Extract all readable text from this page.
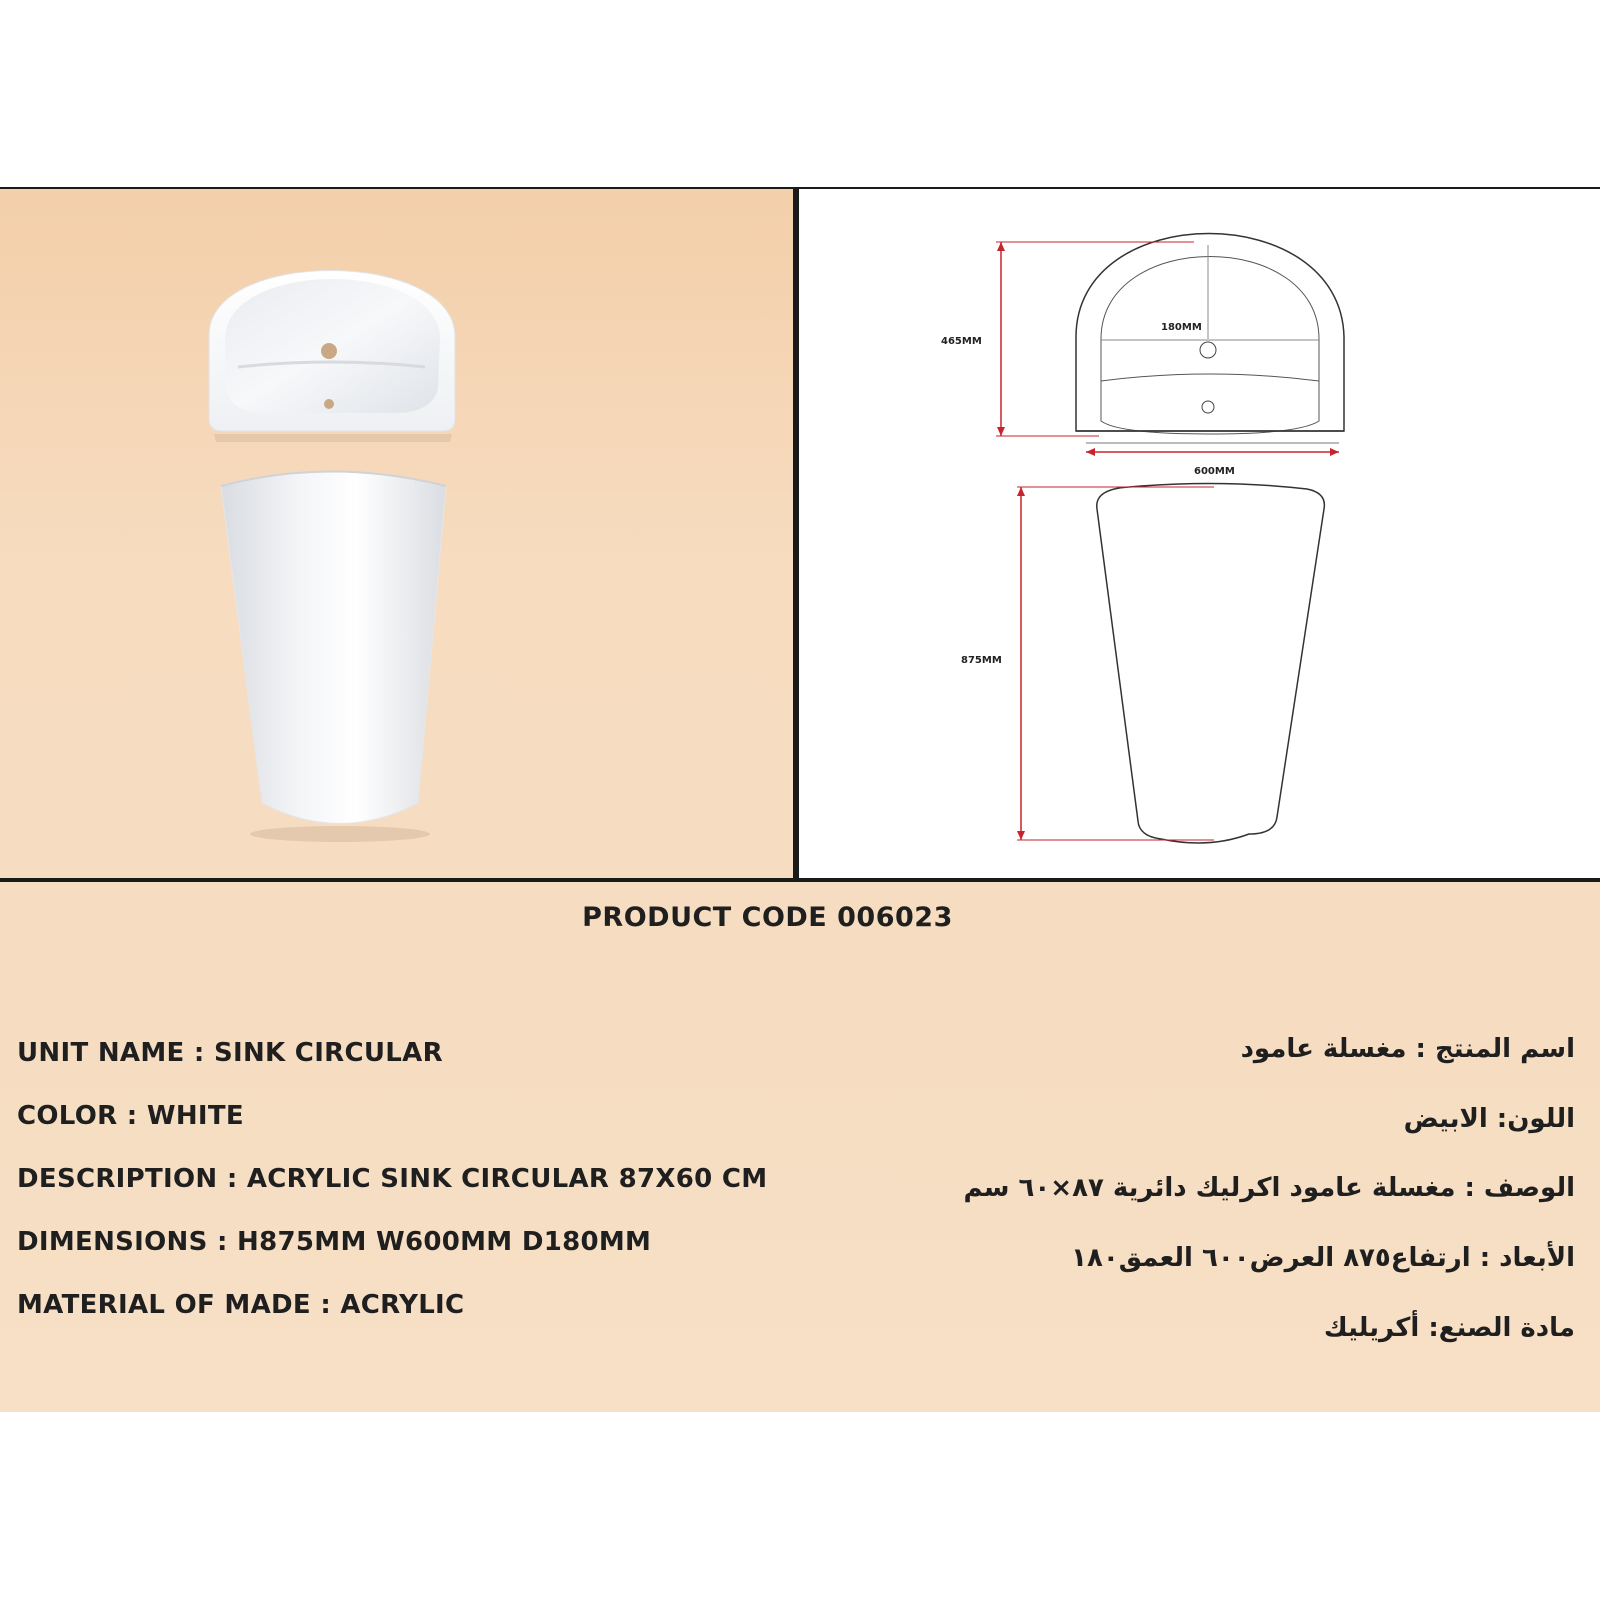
180MM
465MM
600MM
875MM
PRODUCT CODE 006023
UNIT NAME : SINK CIRCULAR
COLOR : WHITE
DESCRIPTION : ACRYLIC SINK CIRCULAR 87X60 CM
DIMENSIONS : H875MM W600MM D180MM
MATERIAL OF MADE : ACRYLIC
اسم المنتج : مغسلة عامود
اللون: الابيض
الوصف : مغسلة عامود اكرليك دائرية ٨٧×٦٠ سم
الأبعاد : ارتفاع٨٧٥ العرض٦٠٠ العمق١٨٠
مادة الصنع: أكريليك
